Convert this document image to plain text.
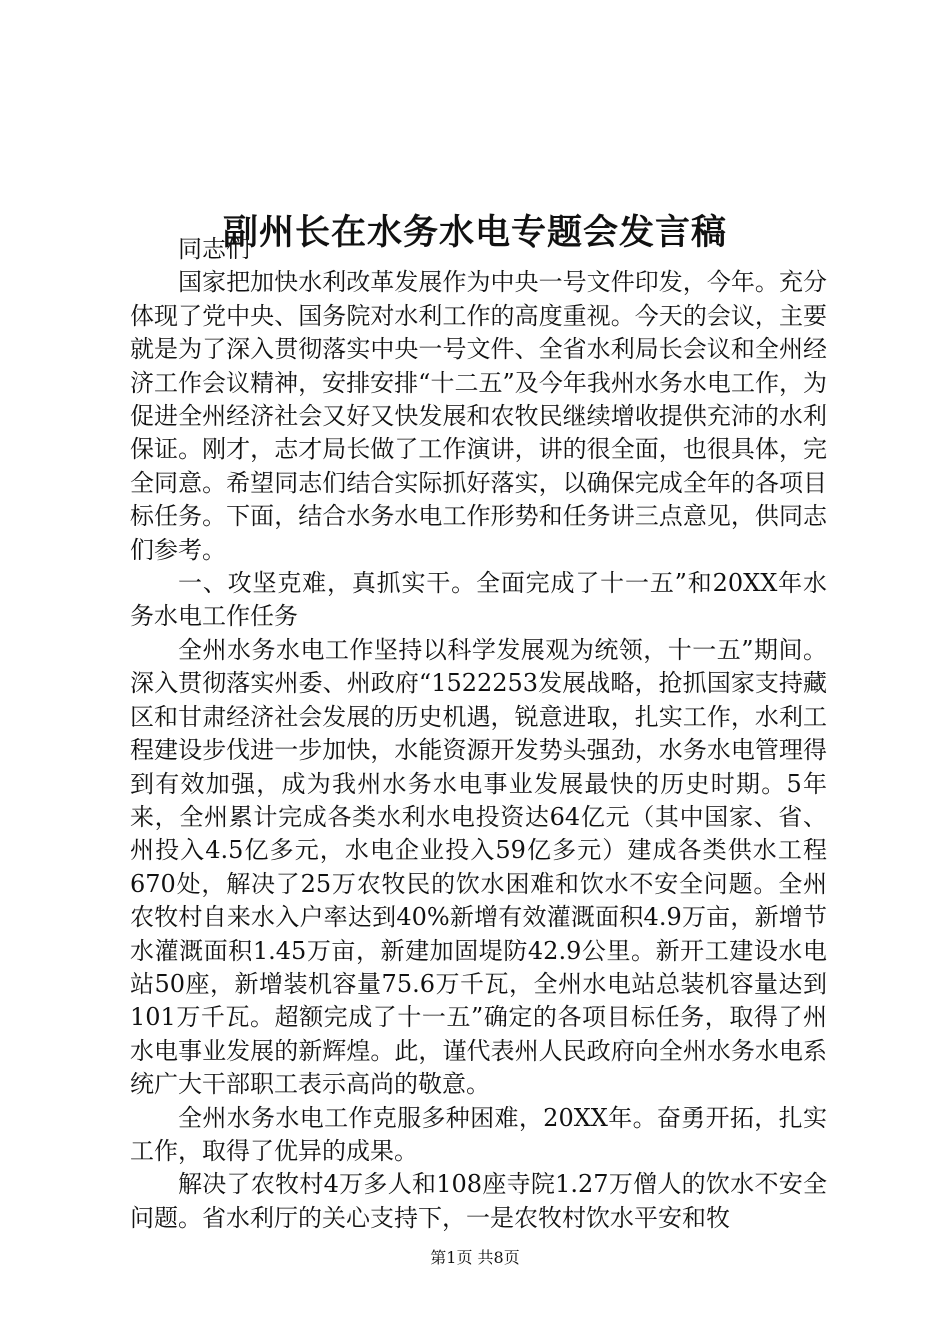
副州长在水务水电专题会发言稿

同志们

国家把加快水利改革发展作为中央一号文件印发，今年。充分体现了党中央、国务院对水利工作的高度重视。今天的会议，主要就是为了深入贯彻落实中央一号文件、全省水利局长会议和全州经济工作会议精神，安排安排“十二五”及今年我州水务水电工作，为促进全州经济社会又好又快发展和农牧民继续增收提供充沛的水利保证。刚才，志才局长做了工作演讲，讲的很全面，也很具体，完全同意。希望同志们结合实际抓好落实，以确保完成全年的各项目标任务。下面，结合水务水电工作形势和任务讲三点意见，供同志们参考。

一、攻坚克难，真抓实干。全面完成了十一五”和20XX年水务水电工作任务

全州水务水电工作坚持以科学发展观为统领，十一五”期间。深入贯彻落实州委、州政府“1522253发展战略，抢抓国家支持藏区和甘肃经济社会发展的历史机遇，锐意进取，扎实工作，水利工程建设步伐进一步加快，水能资源开发势头强劲，水务水电管理得到有效加强，成为我州水务水电事业发展最快的历史时期。5年来，全州累计完成各类水利水电投资达64亿元（其中国家、省、州投入4.5亿多元，水电企业投入59亿多元）建成各类供水工程670处，解决了25万农牧民的饮水困难和饮水不安全问题。全州农牧村自来水入户率达到40%新增有效灌溉面积4.9万亩，新增节水灌溉面积1.45万亩，新建加固堤防42.9公里。新开工建设水电站50座，新增装机容量75.6万千瓦，全州水电站总装机容量达到101万千瓦。超额完成了十一五”确定的各项目标任务，取得了州水电事业发展的新辉煌。此，谨代表州人民政府向全州水务水电系统广大干部职工表示高尚的敬意。

全州水务水电工作克服多种困难，20XX年。奋勇开拓，扎实工作，取得了优异的成果。

解决了农牧村4万多人和108座寺院1.27万僧人的饮水不安全问题。省水利厅的关心支持下，一是农牧村饮水平安和牧

第1页 共8页
